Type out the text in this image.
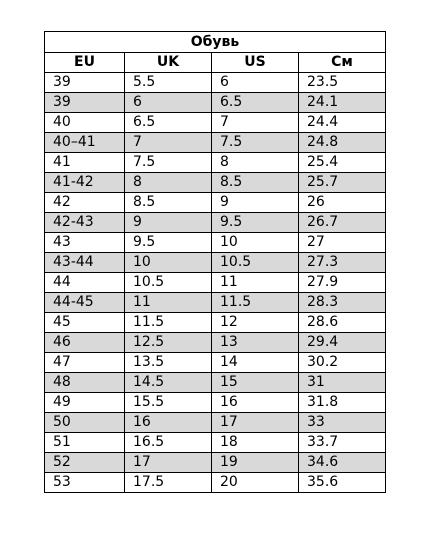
Обувь			
EU	UK	US	См
39	5.5	6	23.5
39	6	6.5	24.1
40	6.5	7	24.4
40–41	7	7.5	24.8
41	7.5	8	25.4
41-42	8	8.5	25.7
42	8.5	9	26
42-43	9	9.5	26.7
43	9.5	10	27
43-44	10	10.5	27.3
44	10.5	11	27.9
44-45	11	11.5	28.3
45	11.5	12	28.6
46	12.5	13	29.4
47	13.5	14	30.2
48	14.5	15	31
49	15.5	16	31.8
50	16	17	33
51	16.5	18	33.7
52	17	19	34.6
53	17.5	20	35.6
